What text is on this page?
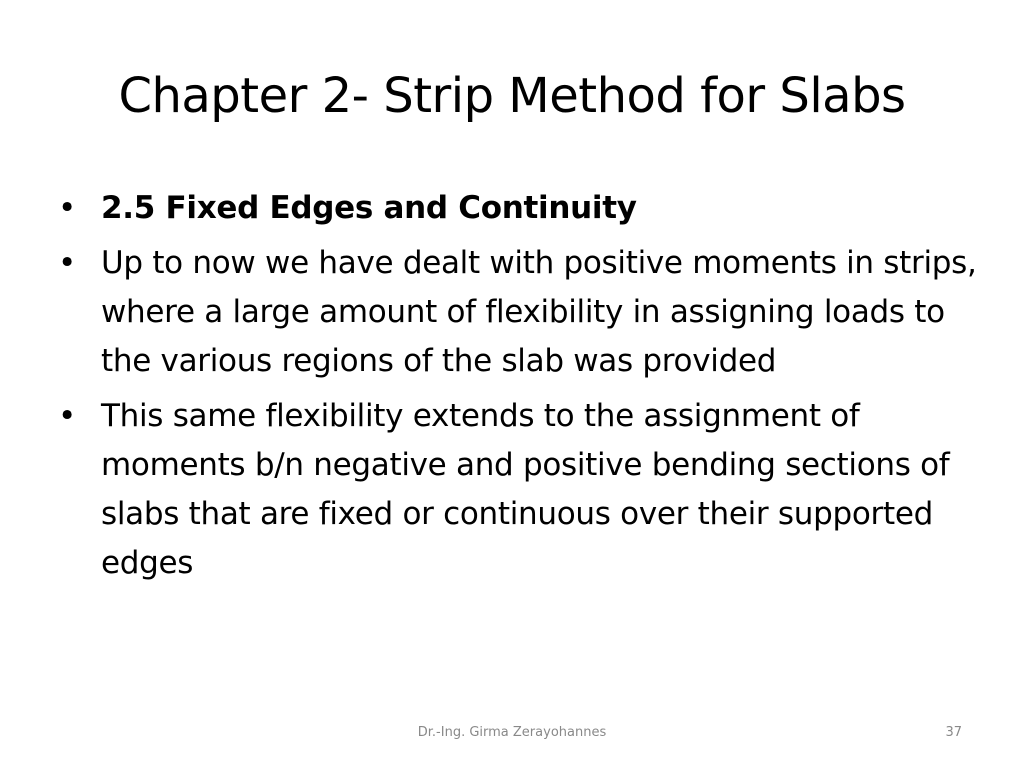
Chapter 2- Strip Method for Slabs
• 2.5 Fixed Edges and Continuity
• Up to now we have dealt with positive moments in strips, where a large amount of flexibility in assigning loads to the various regions of the slab was provided
• This same flexibility extends to the assignment of moments b/n negative and positive bending sections of slabs that are fixed or continuous over their supported edges
Dr.-Ing. Girma Zerayohannes	37
